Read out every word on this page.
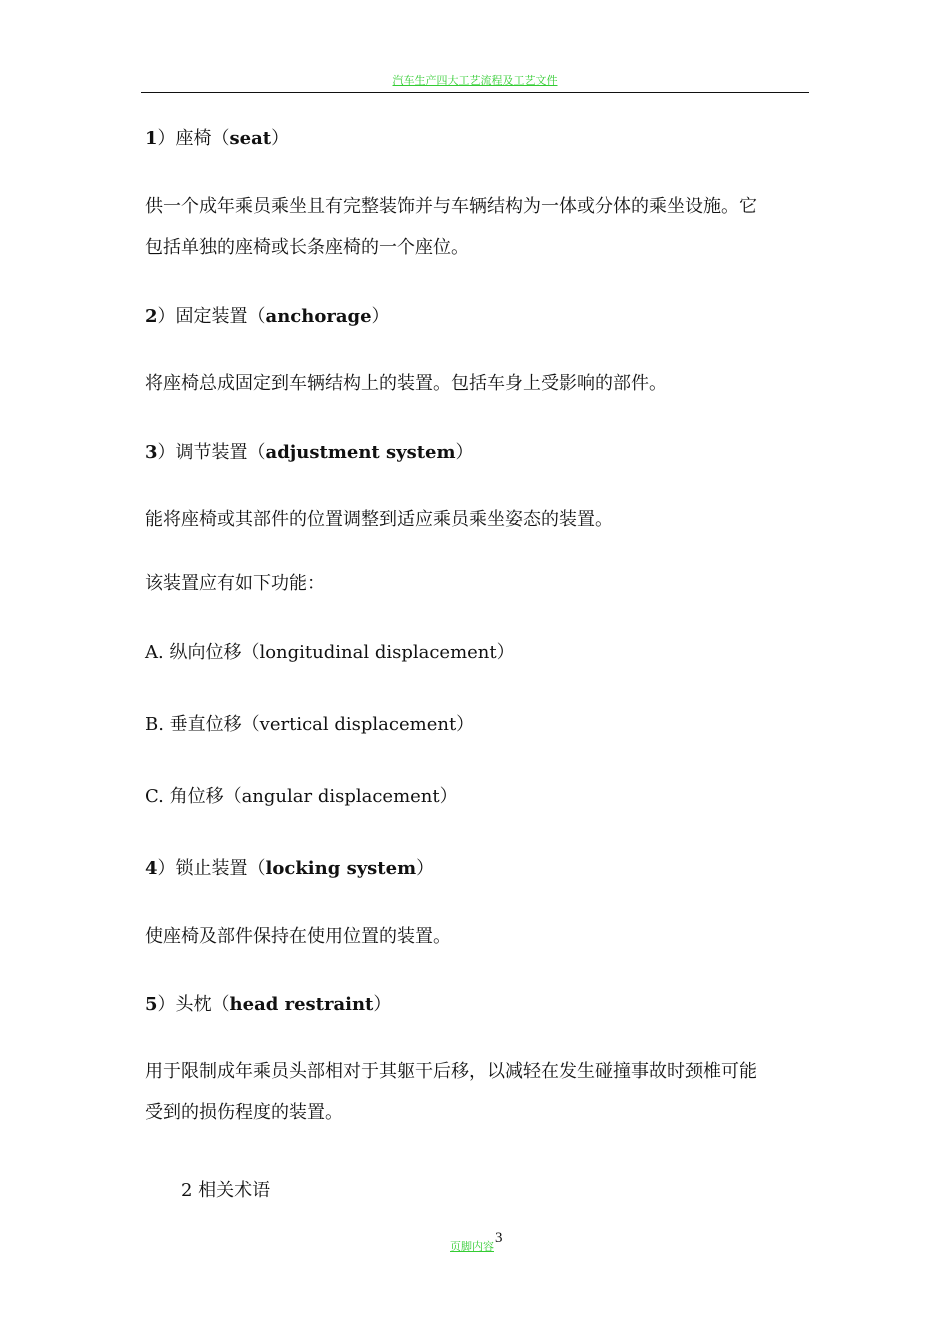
汽车生产四大工艺流程及工艺文件
1）座椅（seat）
供一个成年乘员乘坐且有完整装饰并与车辆结构为一体或分体的乘坐设施。它
包括单独的座椅或长条座椅的一个座位。
2）固定装置（anchorage）
将座椅总成固定到车辆结构上的装置。包括车身上受影响的部件。
3）调节装置（adjustment system）
能将座椅或其部件的位置调整到适应乘员乘坐姿态的装置。
该装置应有如下功能：
A. 纵向位移（longitudinal displacement）
B. 垂直位移（vertical displacement）
C. 角位移（angular displacement）
4）锁止装置（locking system）
使座椅及部件保持在使用位置的装置。
5）头枕（head restraint）
用于限制成年乘员头部相对于其躯干后移，以减轻在发生碰撞事故时颈椎可能
受到的损伤程度的装置。
2 相关术语
页脚内容
3
